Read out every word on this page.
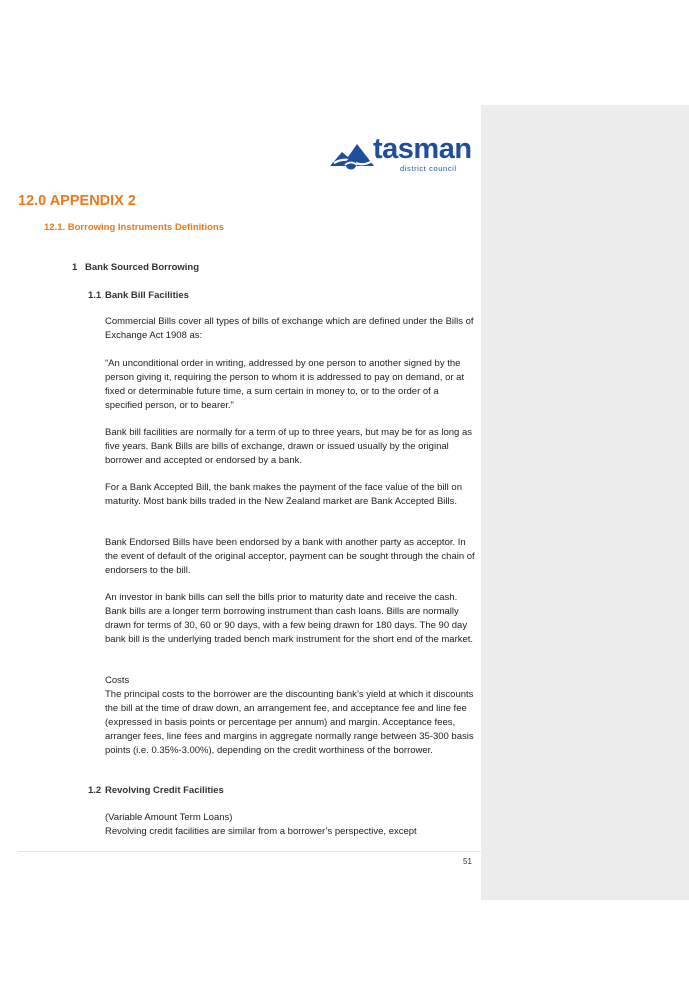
tasman
district council
12.0 APPENDIX 2
12.1. Borrowing Instruments Definitions
1 Bank Sourced Borrowing
1.1 Bank Bill Facilities
Commercial Bills cover all types of bills of exchange which are defined under the Bills of Exchange Act 1908 as:
“An unconditional order in writing, addressed by one person to another signed by the person giving it, requiring the person to whom it is addressed to pay on demand, or at fixed or determinable future time, a sum certain in money to, or to the order of a specified person, or to bearer.”
Bank bill facilities are normally for a term of up to three years, but may be for as long as five years. Bank Bills are bills of exchange, drawn or issued usually by the original borrower and accepted or endorsed by a bank.
For a Bank Accepted Bill, the bank makes the payment of the face value of the bill on maturity. Most bank bills traded in the New Zealand market are Bank Accepted Bills.
Bank Endorsed Bills have been endorsed by a bank with another party as acceptor. In the event of default of the original acceptor, payment can be sought through the chain of endorsers to the bill.
An investor in bank bills can sell the bills prior to maturity date and receive the cash. Bank bills are a longer term borrowing instrument than cash loans. Bills are normally drawn for terms of 30, 60 or 90 days, with a few being drawn for 180 days. The 90 day bank bill is the underlying traded bench mark instrument for the short end of the market.
Costs
The principal costs to the borrower are the discounting bank’s yield at which it discounts the bill at the time of draw down, an arrangement fee, and acceptance fee and line fee (expressed in basis points or percentage per annum) and margin. Acceptance fees, arranger fees, line fees and margins in aggregate normally range between 35-300 basis points (i.e. 0.35%-3.00%), depending on the credit worthiness of the borrower.
1.2 Revolving Credit Facilities
(Variable Amount Term Loans)
Revolving credit facilities are similar from a borrower’s perspective, except
51
